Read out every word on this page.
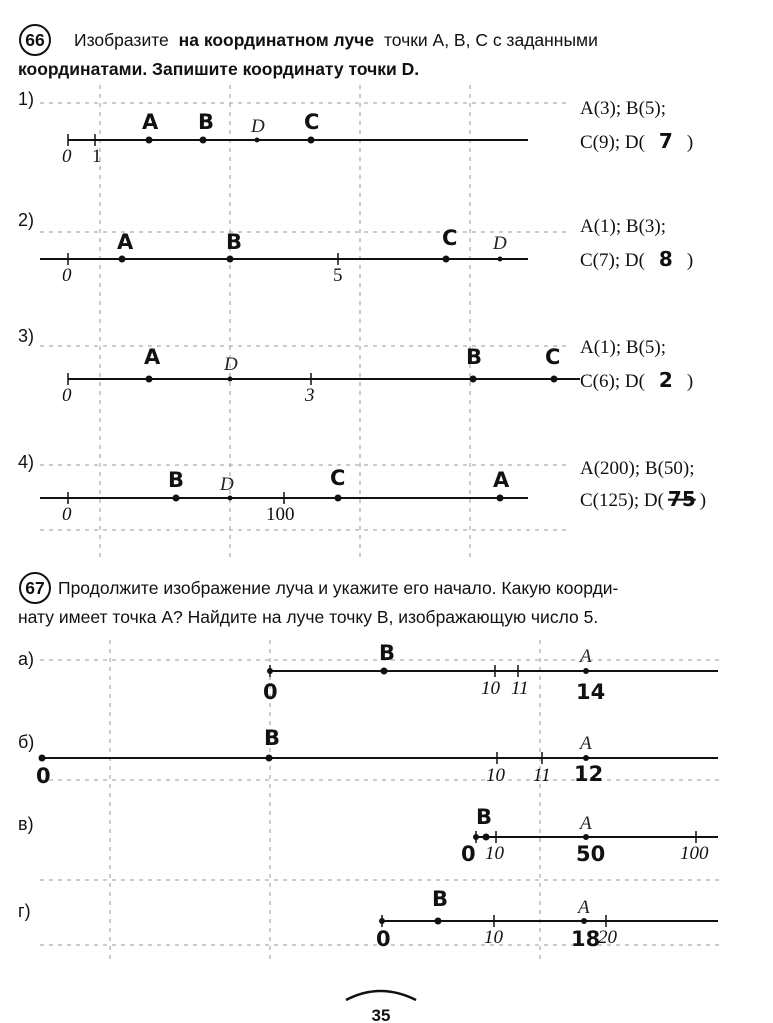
66 Изобразите на координатном луче точки A, B, C с заданными
координатами. Запишите координату точки D.
1)
0 1
A B D C
A(3); B(5);
C(9); D( 7 )
2)
0	5
A	B	C D
A(1); B(3);
C(7); D( 8 )
3)
0	3
A	D	B	C A(1); B(5);
C(6); D( 2 )
4)
0	100
B D	C	A	A(200); B(50);
C(125); D( 75 )
67 Продолжите изображение луча и укажите его начало. Какую коорди-
нату имеет точка A? Найдите на луче точку B, изображающую число 5.
а)
0	10 11
B	A
14
б)
0	10 11
B	A
12
в)
0 10	100
B	A
50
г)
0	10	20
B	A
18
35
